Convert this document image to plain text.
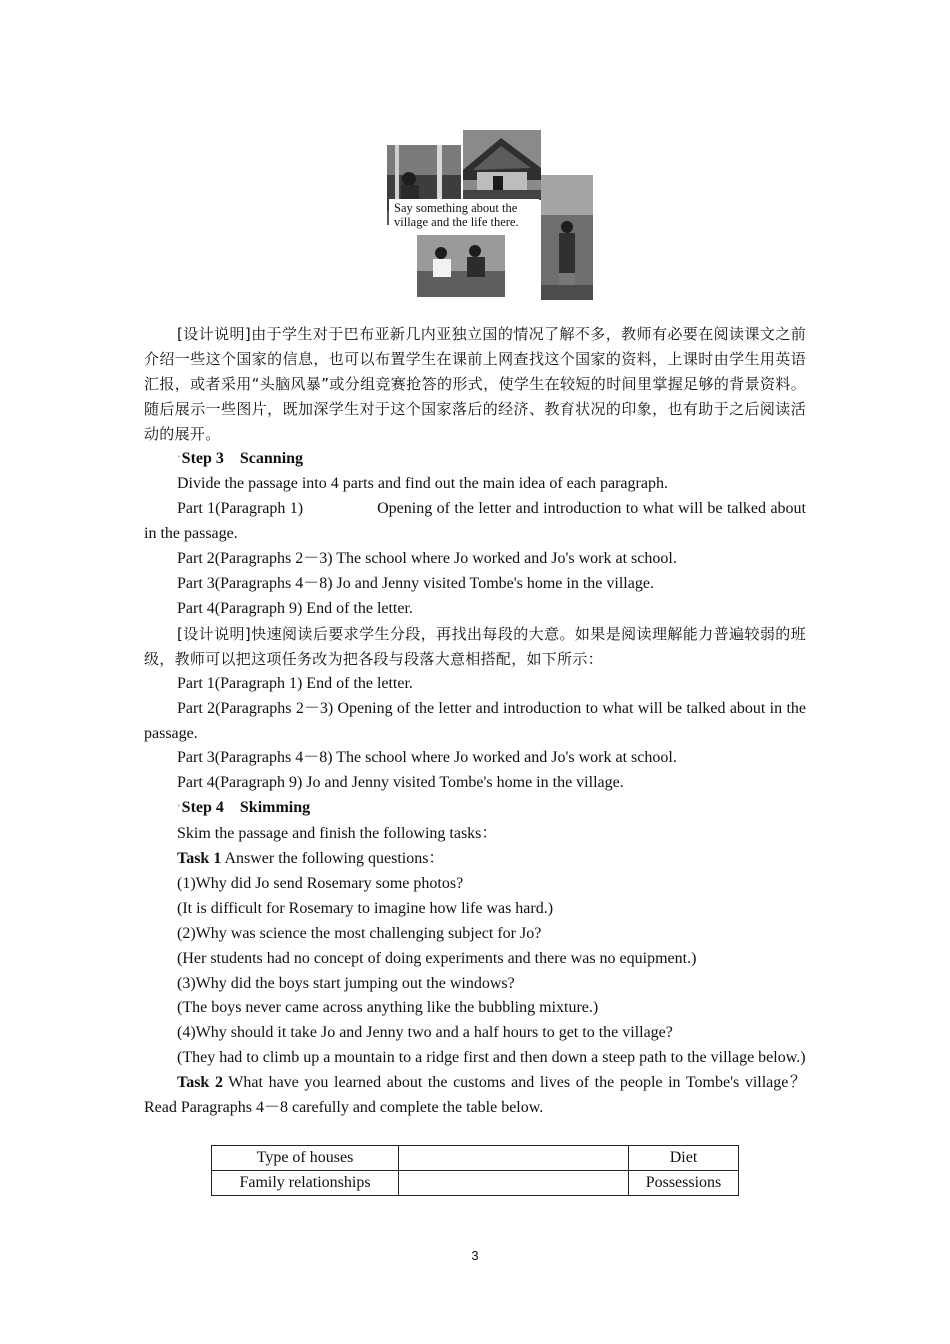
Say something about the village and the life there.

[设计说明]由于学生对于巴布亚新几内亚独立国的情况了解不多，教师有必要在阅读课文之前介绍一些这个国家的信息，也可以布置学生在课前上网查找这个国家的资料，上课时由学生用英语汇报，或者采用“头脑风暴”或分组竞赛抢答的形式，使学生在较短的时间里掌握足够的背景资料。随后展示一些图片，既加深学生对于这个国家落后的经济、教育状况的印象，也有助于之后阅读活动的展开。

ʾStep 3　Scanning

Divide the passage into 4 parts and find out the main idea of each paragraph.

Part 1(Paragraph 1)	Opening of the letter and introduction to what will be talked about in the passage.

Part 2(Paragraphs 2－3) The school where Jo worked and Jo's work at school.

Part 3(Paragraphs 4－8) Jo and Jenny visited Tombe's home in the village.

Part 4(Paragraph 9) End of the letter.

[设计说明]快速阅读后要求学生分段，再找出每段的大意。如果是阅读理解能力普遍较弱的班级，教师可以把这项任务改为把各段与段落大意相搭配，如下所示：

Part 1(Paragraph 1) End of the letter.

Part 2(Paragraphs 2－3) Opening of the letter and introduction to what will be talked about in the passage.

Part 3(Paragraphs 4－8) The school where Jo worked and Jo's work at school.

Part 4(Paragraph 9) Jo and Jenny visited Tombe's home in the village.

ʾStep 4　Skimming

Skim the passage and finish the following tasks：

Task 1 Answer the following questions：

(1)Why did Jo send Rosemary some photos?

(It is difficult for Rosemary to imagine how life was hard.)

(2)Why was science the most challenging subject for Jo?

(Her students had no concept of doing experiments and there was no equipment.)

(3)Why did the boys start jumping out the windows?

(The boys never came across anything like the bubbling mixture.)

(4)Why should it take Jo and Jenny two and a half hours to get to the village?

(They had to climb up a mountain to a ridge first and then down a steep path to the village below.)

Task 2 What have you learned about the customs and lives of the people in Tombe's village？Read Paragraphs 4－8 carefully and complete the table below.

Type of houses		Diet
Family relationships		Possessions
3
